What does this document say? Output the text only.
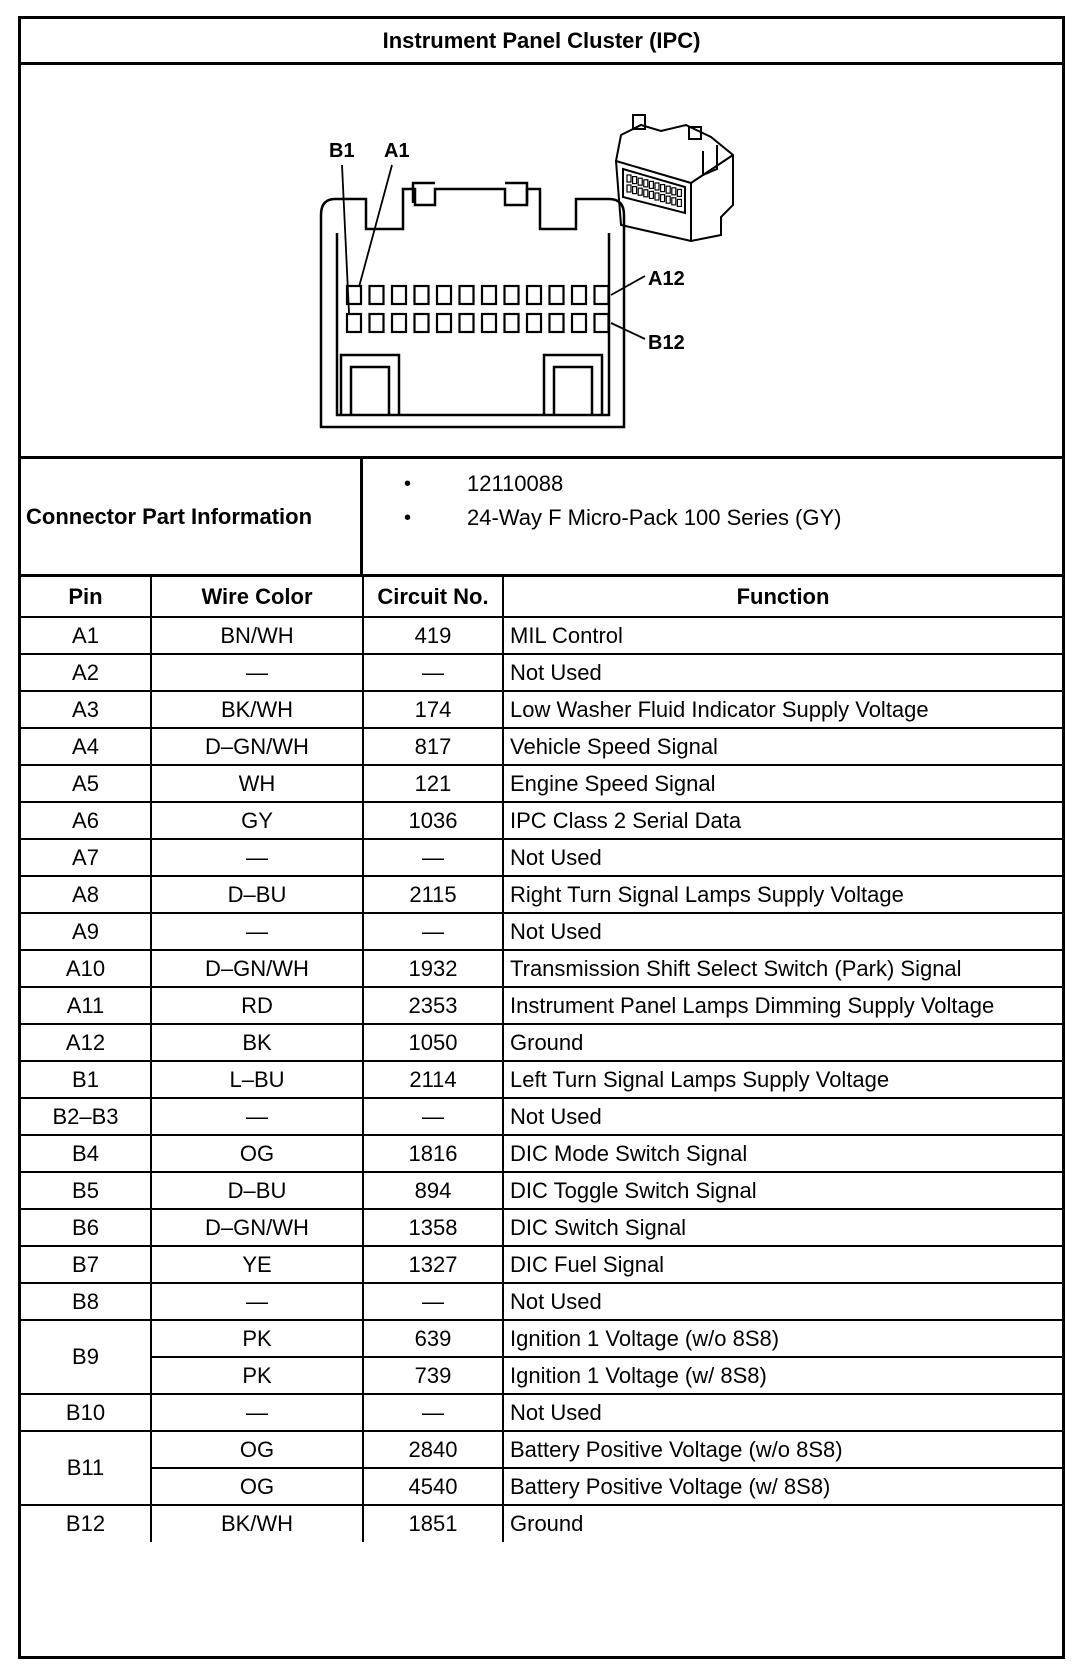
Instrument Panel Cluster (IPC)
B1 A1
A12
B12
Connector Part Information
•	12110088
•	24-Way F Micro-Pack 100 Series (GY)
Pin	Wire Color	Circuit No.	Function
A1	BN/WH	419	MIL Control
A2	—	—	Not Used
A3	BK/WH	174	Low Washer Fluid Indicator Supply Voltage
A4	D–GN/WH	817	Vehicle Speed Signal
A5	WH	121	Engine Speed Signal
A6	GY	1036	IPC Class 2 Serial Data
A7	—	—	Not Used
A8	D–BU	2115	Right Turn Signal Lamps Supply Voltage
A9	—	—	Not Used
A10	D–GN/WH	1932	Transmission Shift Select Switch (Park) Signal
A11	RD	2353	Instrument Panel Lamps Dimming Supply Voltage
A12	BK	1050	Ground
B1	L–BU	2114	Left Turn Signal Lamps Supply Voltage
B2–B3	—	—	Not Used
B4	OG	1816	DIC Mode Switch Signal
B5	D–BU	894	DIC Toggle Switch Signal
B6	D–GN/WH	1358	DIC Switch Signal
B7	YE	1327	DIC Fuel Signal
B8	—	—	Not Used
B9	PK	639	Ignition 1 Voltage (w/o 8S8)
	PK	739	Ignition 1 Voltage (w/ 8S8)
B10	—	—	Not Used
B11	OG	2840	Battery Positive Voltage (w/o 8S8)
	OG	4540	Battery Positive Voltage (w/ 8S8)
B12	BK/WH	1851	Ground
